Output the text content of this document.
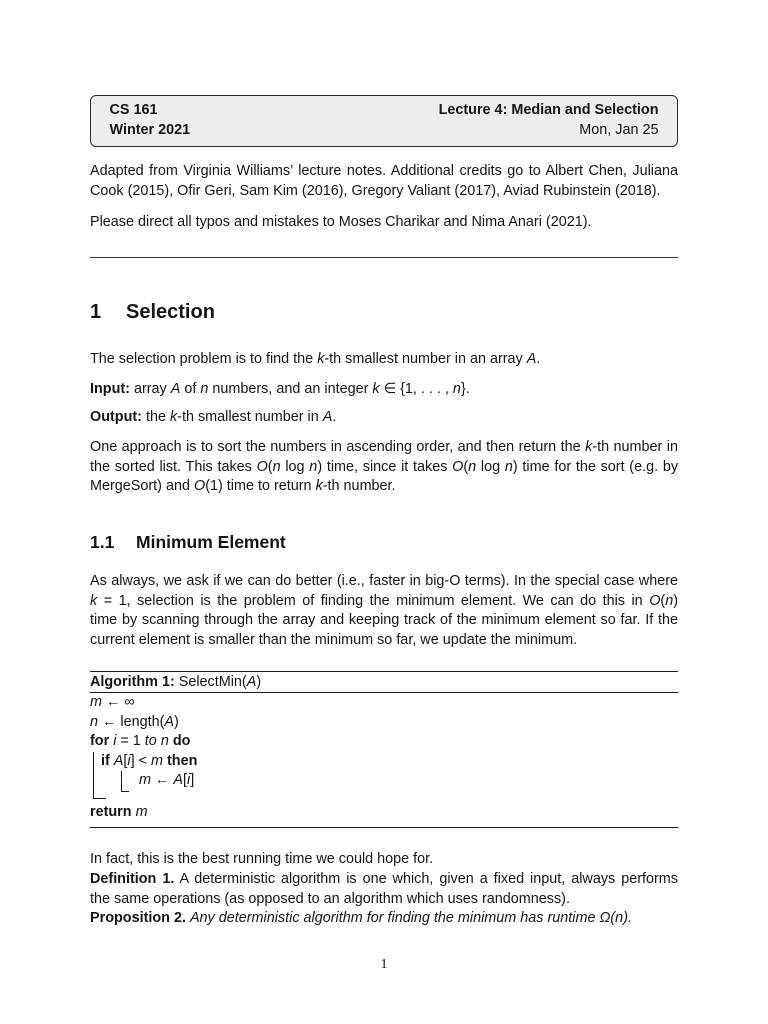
CS 161	Lecture 4: Median and Selection
Winter 2021	Mon, Jan 25
Adapted from Virginia Williams’ lecture notes. Additional credits go to Albert Chen, Juliana
Cook (2015), Ofir Geri, Sam Kim (2016), Gregory Valiant (2017), Aviad Rubinstein (2018).
Please direct all typos and mistakes to Moses Charikar and Nima Anari (2021).
1 Selection
The selection problem is to find the k-th smallest number in an array A.
Input: array A of n numbers, and an integer k ∈ {1, . . . , n}.
Output: the k-th smallest number in A.
One approach is to sort the numbers in ascending order, and then return the k-th number in
the sorted list. This takes O(n log n) time, since it takes O(n log n) time for the sort (e.g. by
MergeSort) and O(1) time to return k-th number.
1.1 Minimum Element
As always, we ask if we can do better (i.e., faster in big-O terms). In the special case where
k = 1, selection is the problem of finding the minimum element. We can do this in O(n)
time by scanning through the array and keeping track of the minimum element so far. If the
current element is smaller than the minimum so far, we update the minimum.
Algorithm 1: SelectMin(A)
m ← ∞
n ← length(A)
for i = 1 to n do
if A[i] < m then
m ← A[i]
return m
In fact, this is the best running time we could hope for.
Definition 1. A deterministic algorithm is one which, given a fixed input, always performs
the same operations (as opposed to an algorithm which uses randomness).
Proposition 2. Any deterministic algorithm for finding the minimum has runtime Ω(n).
1
